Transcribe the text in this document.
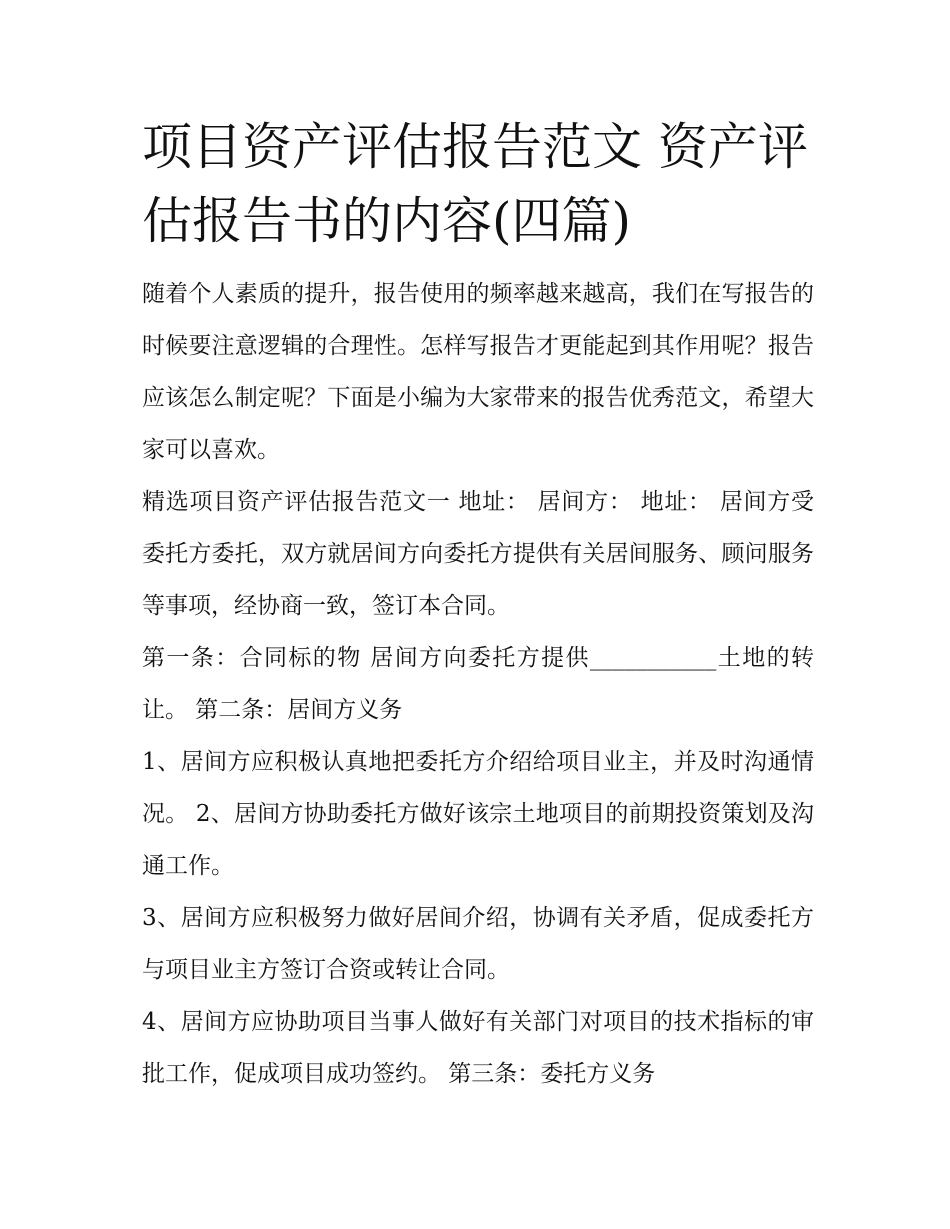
项目资产评估报告范文 资产评估报告书的内容(四篇)

随着个人素质的提升，报告使用的频率越来越高，我们在写报告的时候要注意逻辑的合理性。怎样写报告才更能起到其作用呢？报告应该怎么制定呢？下面是小编为大家带来的报告优秀范文，希望大家可以喜欢。

精选项目资产评估报告范文一 地址： 居间方： 地址： 居间方受委托方委托，双方就居间方向委托方提供有关居间服务、顾问服务等事项，经协商一致，签订本合同。

第一条：合同标的物 居间方向委托方提供___________土地的转让。 第二条：居间方义务

1、居间方应积极认真地把委托方介绍给项目业主，并及时沟通情况。 2、居间方协助委托方做好该宗土地项目的前期投资策划及沟通工作。

3、居间方应积极努力做好居间介绍，协调有关矛盾，促成委托方与项目业主方签订合资或转让合同。

4、居间方应协助项目当事人做好有关部门对项目的技术指标的审批工作，促成项目成功签约。 第三条：委托方义务
